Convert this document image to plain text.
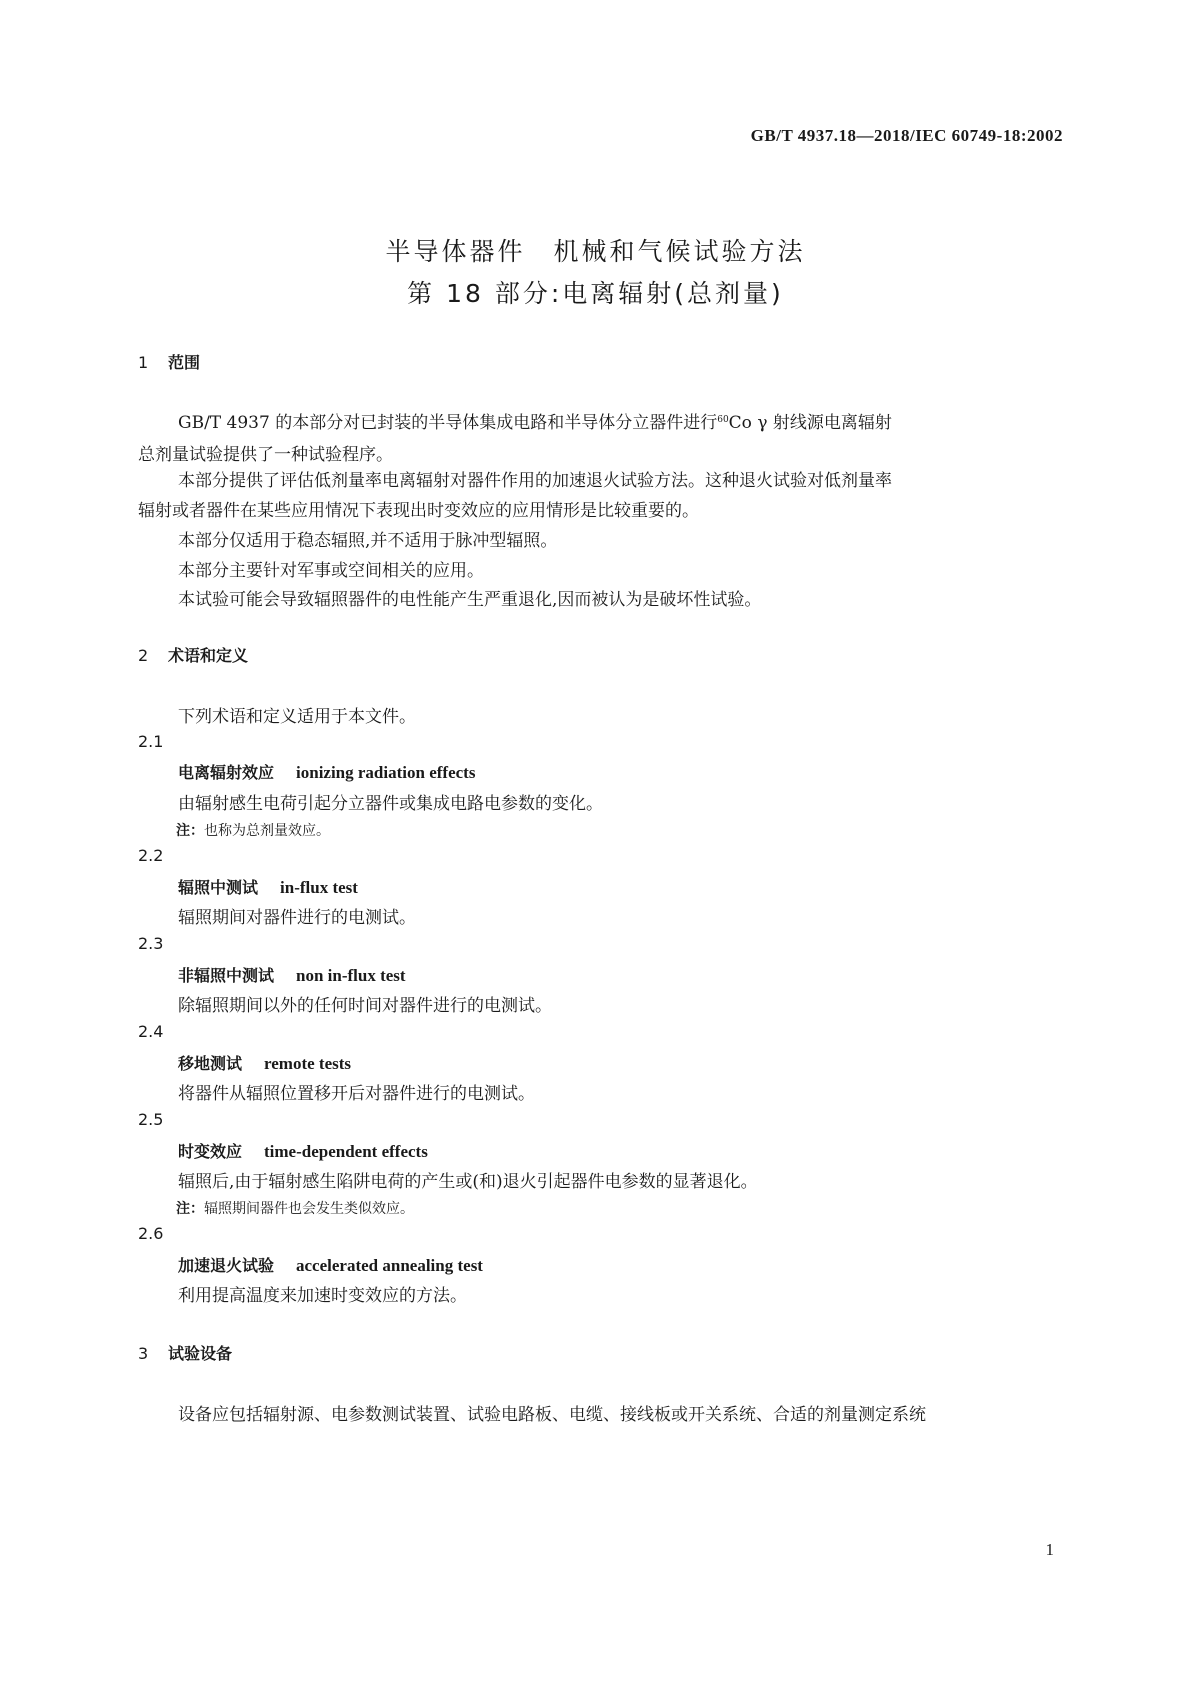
GB/T 4937.18—2018/IEC 60749-18:2002
半导体器件　机械和气候试验方法
第 18 部分:电离辐射(总剂量)
1 范围
GB/T 4937 的本部分对已封装的半导体集成电路和半导体分立器件进行$^{60}$Co γ 射线源电离辐射
总剂量试验提供了一种试验程序。
本部分提供了评估低剂量率电离辐射对器件作用的加速退火试验方法。这种退火试验对低剂量率
辐射或者器件在某些应用情况下表现出时变效应的应用情形是比较重要的。
本部分仅适用于稳态辐照,并不适用于脉冲型辐照。
本部分主要针对军事或空间相关的应用。
本试验可能会导致辐照器件的电性能产生严重退化,因而被认为是破坏性试验。
2 术语和定义
下列术语和定义适用于本文件。
2.1
电离辐射效应 ionizing radiation effects
由辐射感生电荷引起分立器件或集成电路电参数的变化。
注：也称为总剂量效应。
2.2
辐照中测试 in-flux test
辐照期间对器件进行的电测试。
2.3
非辐照中测试 non in-flux test
除辐照期间以外的任何时间对器件进行的电测试。
2.4
移地测试 remote tests
将器件从辐照位置移开后对器件进行的电测试。
2.5
时变效应 time-dependent effects
辐照后,由于辐射感生陷阱电荷的产生或(和)退火引起器件电参数的显著退化。
注：辐照期间器件也会发生类似效应。
2.6
加速退火试验 accelerated annealing test
利用提高温度来加速时变效应的方法。
3 试验设备
设备应包括辐射源、电参数测试装置、试验电路板、电缆、接线板或开关系统、合适的剂量测定系统
1
